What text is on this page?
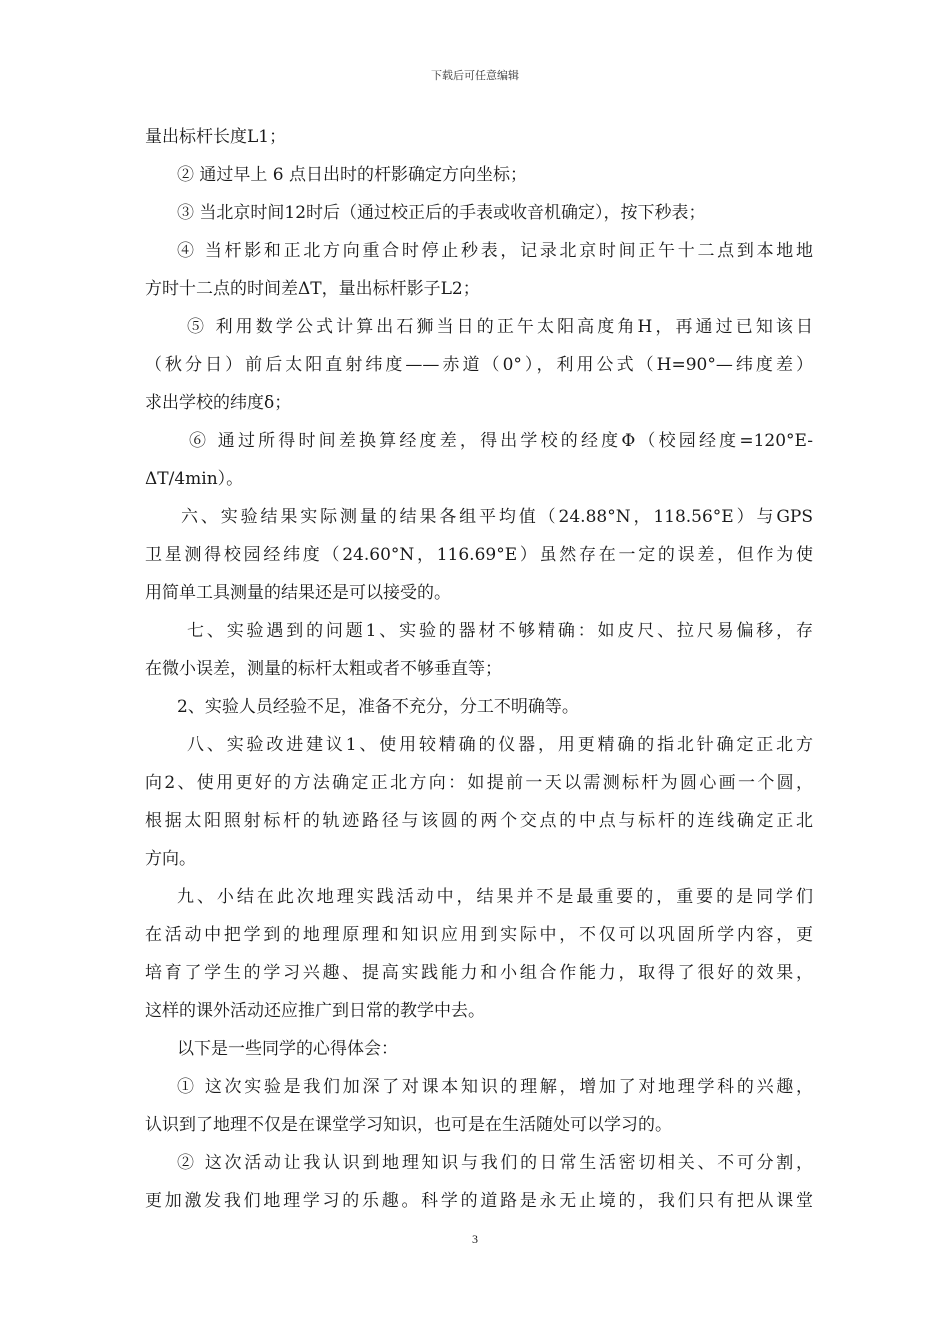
下载后可任意编辑
量出标杆长度L1；
② 通过早上 6 点日出时的杆影确定方向坐标；
③ 当北京时间12时后（通过校正后的手表或收音机确定），按下秒表；
④ 当杆影和正北方向重合时停止秒表，记录北京时间正午十二点到本地地
方时十二点的时间差ΔT，量出标杆影子L2；
⑤ 利用数学公式计算出石狮当日的正午太阳高度角H，再通过已知该日
（秋分日）前后太阳直射纬度——赤道（0°），利用公式（H=90°—纬度差）
求出学校的纬度δ；
⑥ 通过所得时间差换算经度差，得出学校的经度Φ（校园经度=120°E-
ΔT/4min）。
六、实验结果实际测量的结果各组平均值（24.88°N，118.56°E）与GPS
卫星测得校园经纬度（24.60°N，116.69°E）虽然存在一定的误差，但作为使
用简单工具测量的结果还是可以接受的。
七、实验遇到的问题1、实验的器材不够精确：如皮尺、拉尺易偏移，存
在微小误差，测量的标杆太粗或者不够垂直等；
2、实验人员经验不足，准备不充分，分工不明确等。
八、实验改进建议1、使用较精确的仪器，用更精确的指北针确定正北方
向2、使用更好的方法确定正北方向：如提前一天以需测标杆为圆心画一个圆，
根据太阳照射标杆的轨迹路径与该圆的两个交点的中点与标杆的连线确定正北
方向。
九、小结在此次地理实践活动中，结果并不是最重要的，重要的是同学们
在活动中把学到的地理原理和知识应用到实际中，不仅可以巩固所学内容，更
培育了学生的学习兴趣、提高实践能力和小组合作能力，取得了很好的效果，
这样的课外活动还应推广到日常的教学中去。
以下是一些同学的心得体会：
① 这次实验是我们加深了对课本知识的理解，增加了对地理学科的兴趣，
认识到了地理不仅是在课堂学习知识，也可是在生活随处可以学习的。
② 这次活动让我认识到地理知识与我们的日常生活密切相关、不可分割，
更加激发我们地理学习的乐趣。科学的道路是永无止境的，我们只有把从课堂
3
